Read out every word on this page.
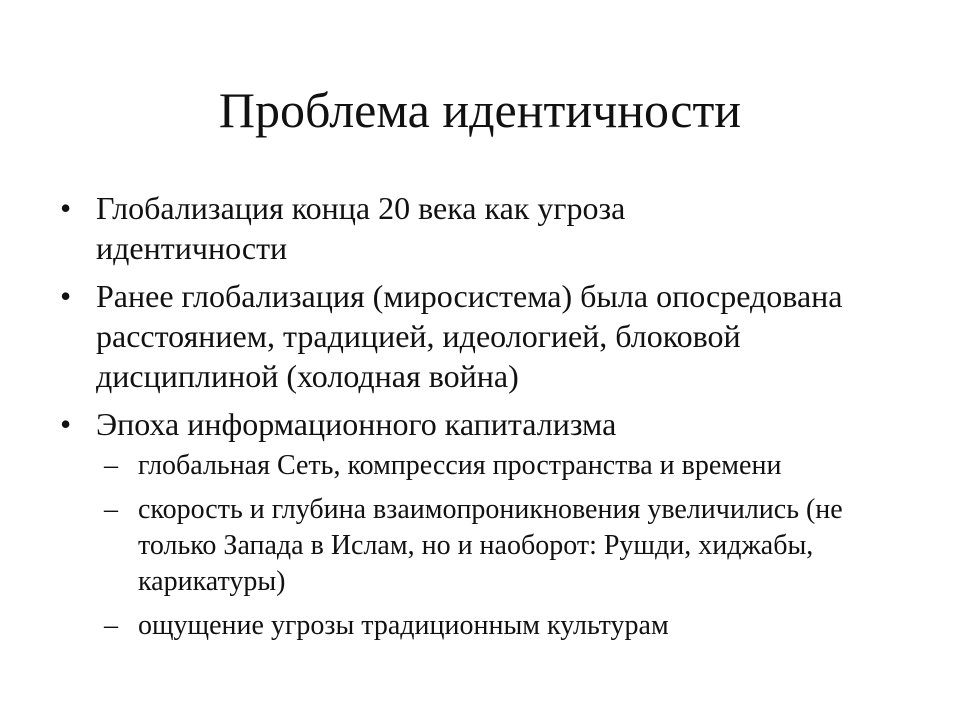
Проблема идентичности
• Глобализация конца 20 века как угроза идентичности
• Ранее глобализация (миросистема) была опосредована расстоянием, традицией, идеологией, блоковой дисциплиной (холодная война)
• Эпоха информационного капитализма
– глобальная Сеть, компрессия пространства и времени
– скорость и глубина взаимопроникновения увеличились (не только Запада в Ислам, но и наоборот: Рушди, хиджабы, карикатуры)
– ощущение угрозы традиционным культурам
